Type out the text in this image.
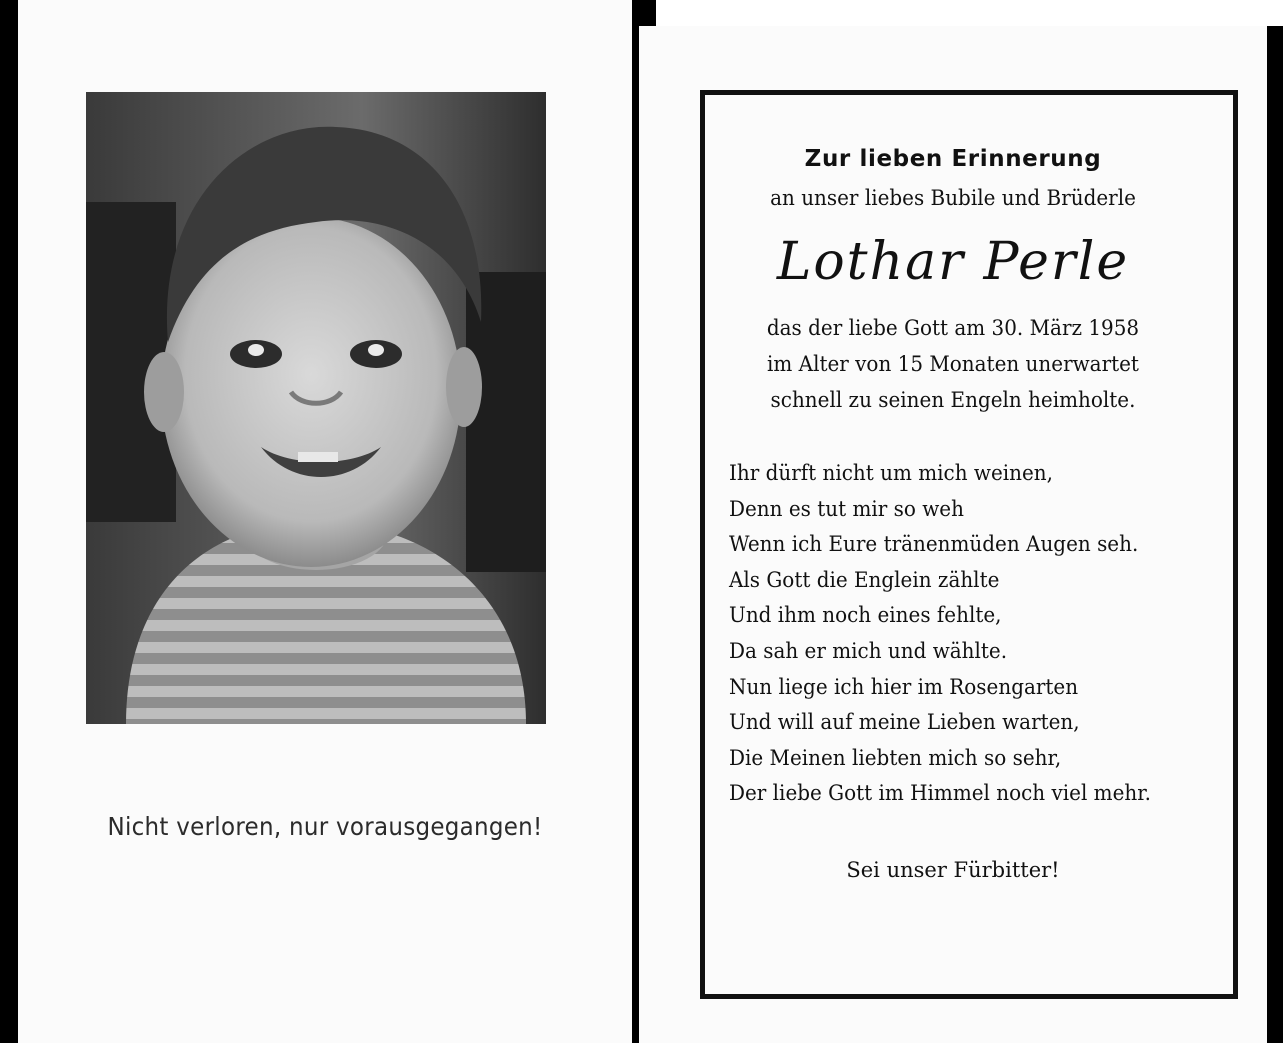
Nicht verloren, nur vorausgegangen!
Zur lieben Erinnerung
an unser liebes Bubile und Brüderle
Lothar Perle
das der liebe Gott am 30. März 1958
im Alter von 15 Monaten unerwartet
schnell zu seinen Engeln heimholte.
Ihr dürft nicht um mich weinen,
Denn es tut mir so weh
Wenn ich Eure tränenmüden Augen seh.
Als Gott die Englein zählte
Und ihm noch eines fehlte,
Da sah er mich und wählte.
Nun liege ich hier im Rosengarten
Und will auf meine Lieben warten,
Die Meinen liebten mich so sehr,
Der liebe Gott im Himmel noch viel mehr.
Sei unser Fürbitter!
